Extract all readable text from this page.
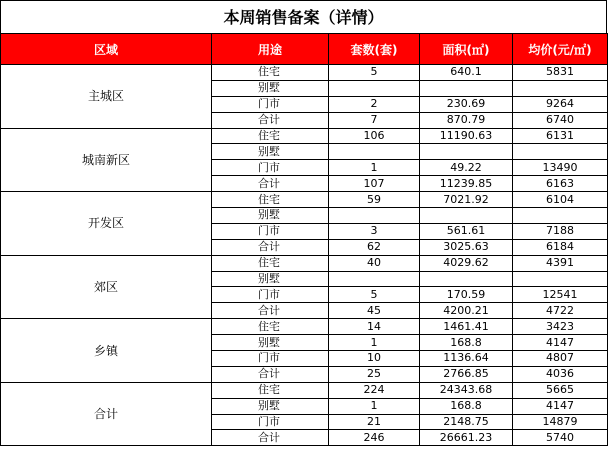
本周销售备案（详情）
区域	用途	套数(套)	面积(㎡)	均价(元/㎡)
主城区	住宅	5	640.1	5831
	别墅			
	门市	2	230.69	9264
	合计	7	870.79	6740
城南新区	住宅	106	11190.63	6131
	别墅			
	门市	1	49.22	13490
	合计	107	11239.85	6163
开发区	住宅	59	7021.92	6104
	别墅			
	门市	3	561.61	7188
	合计	62	3025.63	6184
郊区	住宅	40	4029.62	4391
	别墅			
	门市	5	170.59	12541
	合计	45	4200.21	4722
乡镇	住宅	14	1461.41	3423
	别墅	1	168.8	4147
	门市	10	1136.64	4807
	合计	25	2766.85	4036
合计	住宅	224	24343.68	5665
	别墅	1	168.8	4147
	门市	21	2148.75	14879
	合计	246	26661.23	5740
